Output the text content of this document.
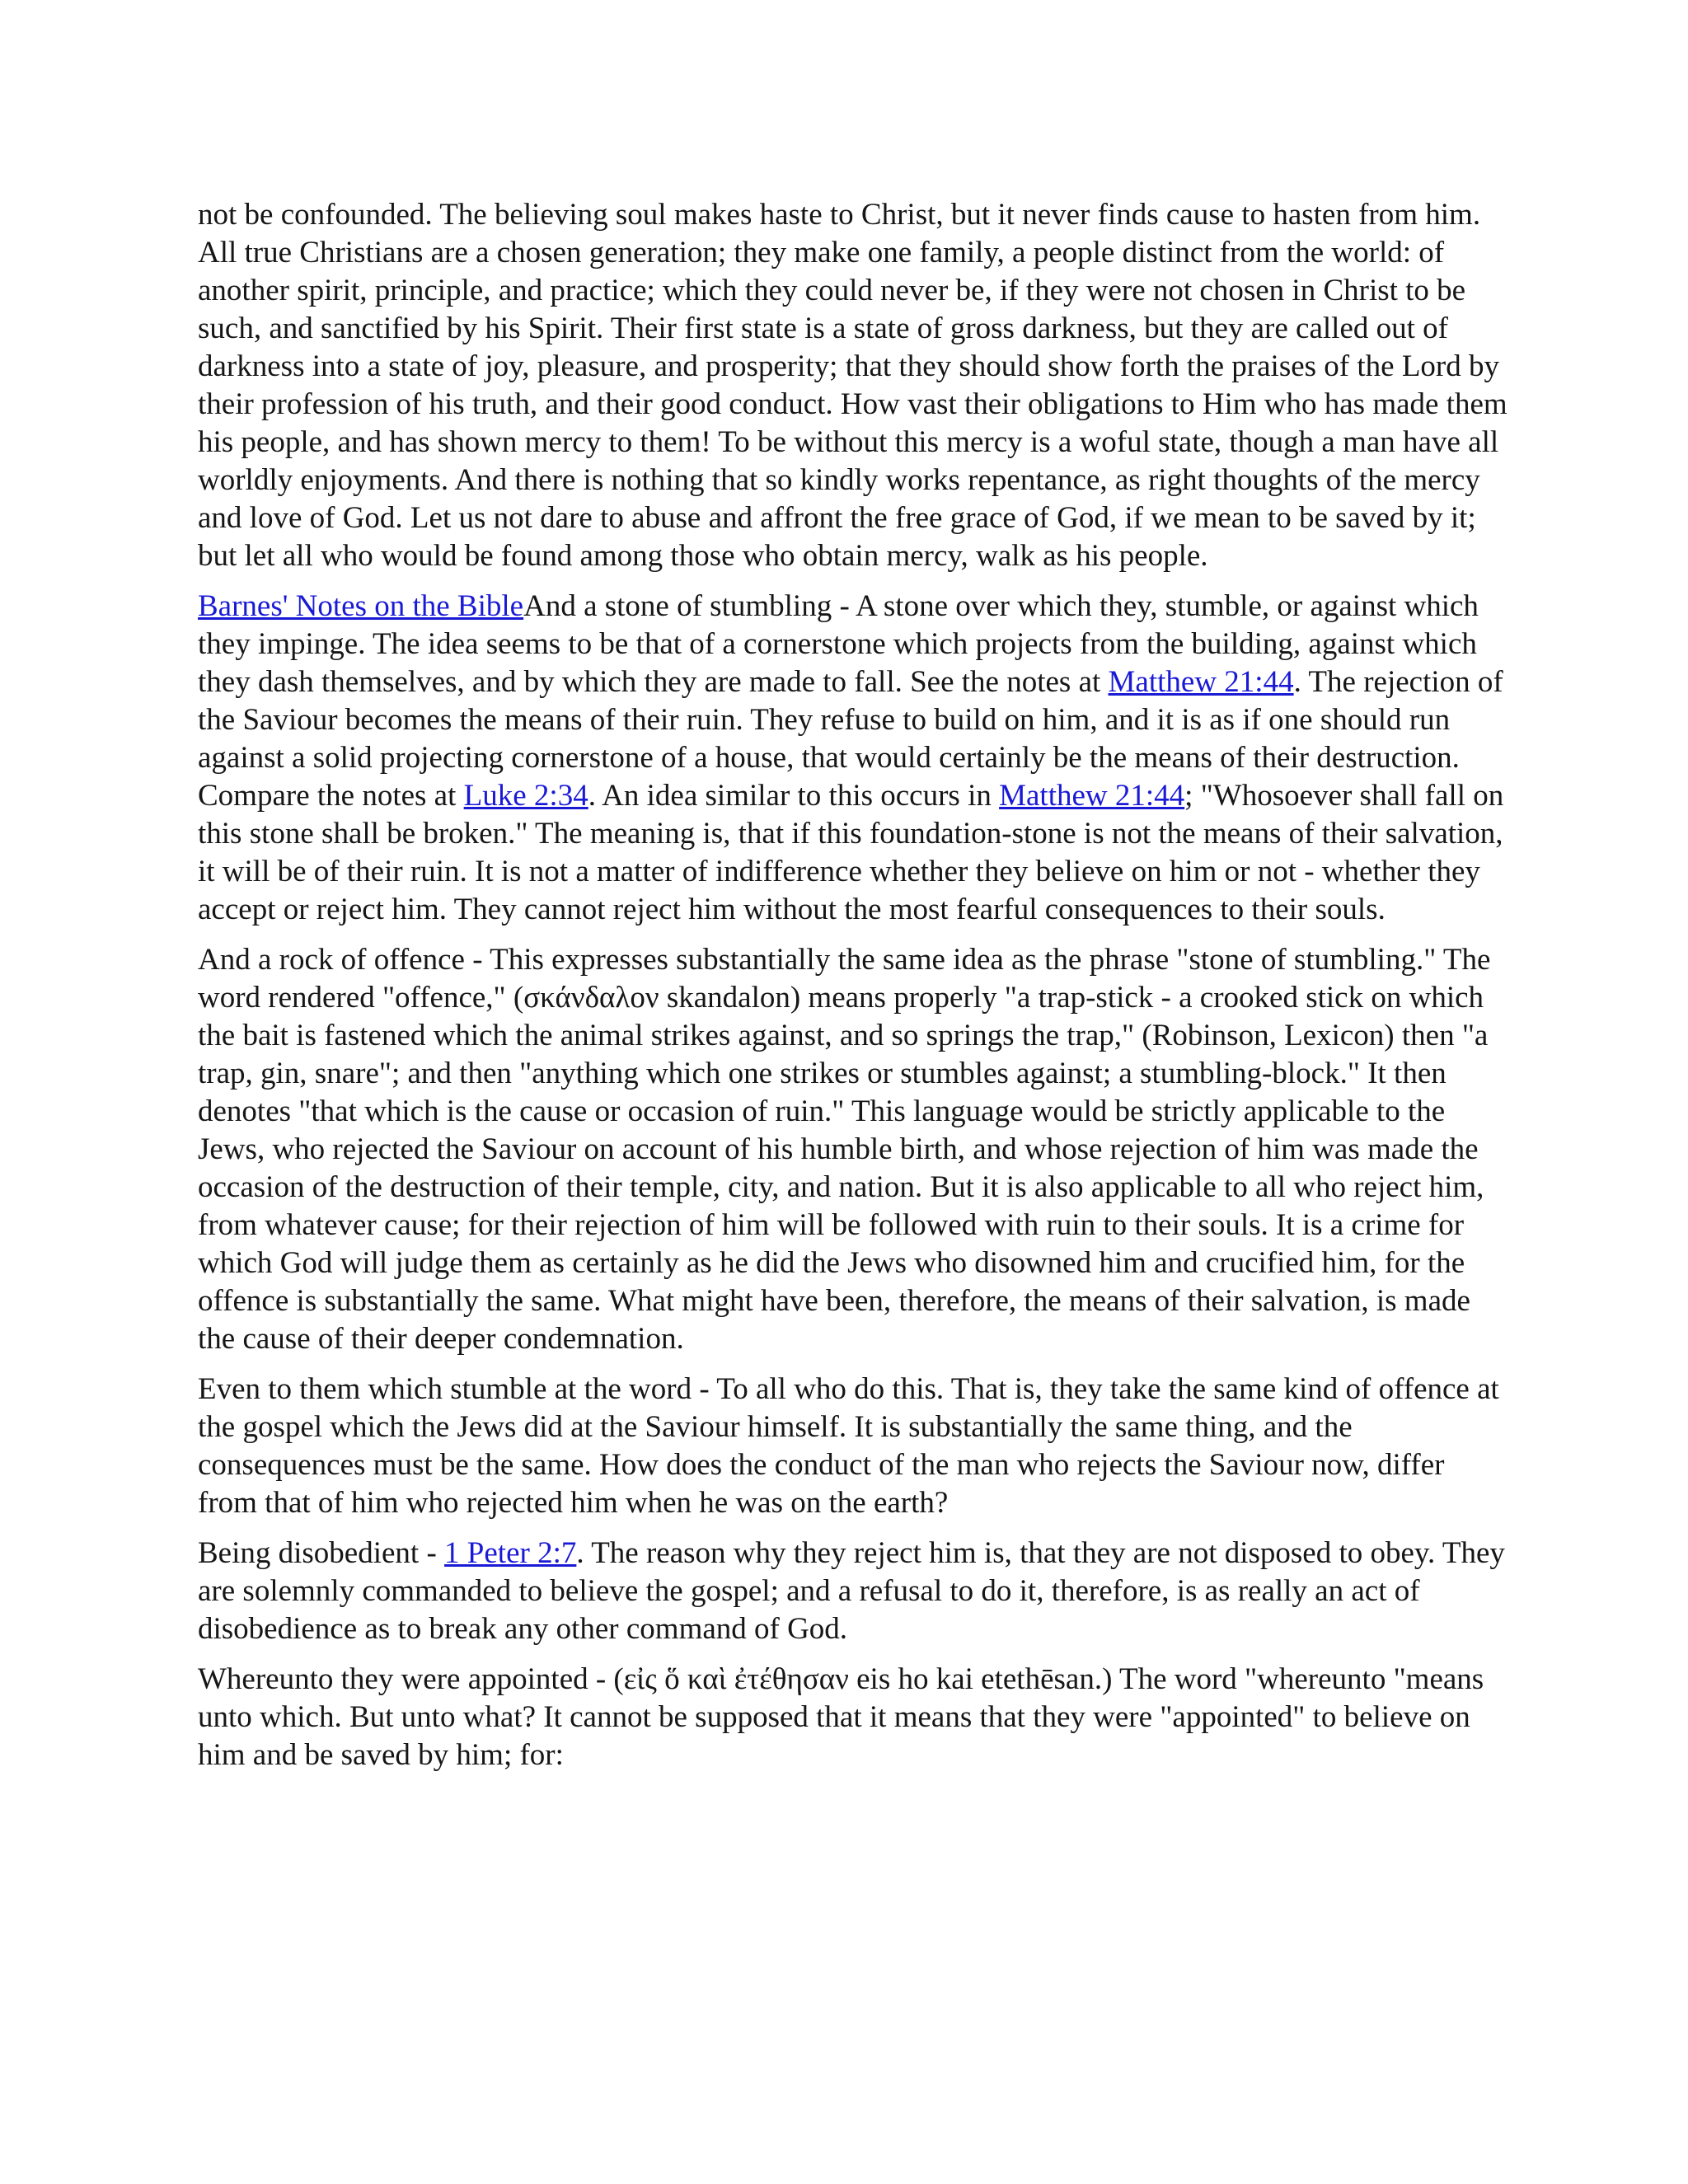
not be confounded. The believing soul makes haste to Christ, but it never finds cause to hasten from him. All true Christians are a chosen generation; they make one family, a people distinct from the world: of another spirit, principle, and practice; which they could never be, if they were not chosen in Christ to be such, and sanctified by his Spirit. Their first state is a state of gross darkness, but they are called out of darkness into a state of joy, pleasure, and prosperity; that they should show forth the praises of the Lord by their profession of his truth, and their good conduct. How vast their obligations to Him who has made them his people, and has shown mercy to them! To be without this mercy is a woful state, though a man have all worldly enjoyments. And there is nothing that so kindly works repentance, as right thoughts of the mercy and love of God. Let us not dare to abuse and affront the free grace of God, if we mean to be saved by it; but let all who would be found among those who obtain mercy, walk as his people.

Barnes' Notes on the BibleAnd a stone of stumbling - A stone over which they, stumble, or against which they impinge. The idea seems to be that of a cornerstone which projects from the building, against which they dash themselves, and by which they are made to fall. See the notes at Matthew 21:44. The rejection of the Saviour becomes the means of their ruin. They refuse to build on him, and it is as if one should run against a solid projecting cornerstone of a house, that would certainly be the means of their destruction. Compare the notes at Luke 2:34. An idea similar to this occurs in Matthew 21:44; "Whosoever shall fall on this stone shall be broken." The meaning is, that if this foundation-stone is not the means of their salvation, it will be of their ruin. It is not a matter of indifference whether they believe on him or not - whether they accept or reject him. They cannot reject him without the most fearful consequences to their souls.

And a rock of offence - This expresses substantially the same idea as the phrase "stone of stumbling." The word rendered "offence," (σκάνδαλον skandalon) means properly "a trap-stick - a crooked stick on which the bait is fastened which the animal strikes against, and so springs the trap," (Robinson, Lexicon) then "a trap, gin, snare"; and then "anything which one strikes or stumbles against; a stumbling-block." It then denotes "that which is the cause or occasion of ruin." This language would be strictly applicable to the Jews, who rejected the Saviour on account of his humble birth, and whose rejection of him was made the occasion of the destruction of their temple, city, and nation. But it is also applicable to all who reject him, from whatever cause; for their rejection of him will be followed with ruin to their souls. It is a crime for which God will judge them as certainly as he did the Jews who disowned him and crucified him, for the offence is substantially the same. What might have been, therefore, the means of their salvation, is made the cause of their deeper condemnation.

Even to them which stumble at the word - To all who do this. That is, they take the same kind of offence at the gospel which the Jews did at the Saviour himself. It is substantially the same thing, and the consequences must be the same. How does the conduct of the man who rejects the Saviour now, differ from that of him who rejected him when he was on the earth?

Being disobedient - 1 Peter 2:7. The reason why they reject him is, that they are not disposed to obey. They are solemnly commanded to believe the gospel; and a refusal to do it, therefore, is as really an act of disobedience as to break any other command of God.

Whereunto they were appointed - (εἰς ὅ καὶ ἐτέθησαν eis ho kai etethēsan.) The word "whereunto "means unto which. But unto what? It cannot be supposed that it means that they were "appointed" to believe on him and be saved by him; for:
